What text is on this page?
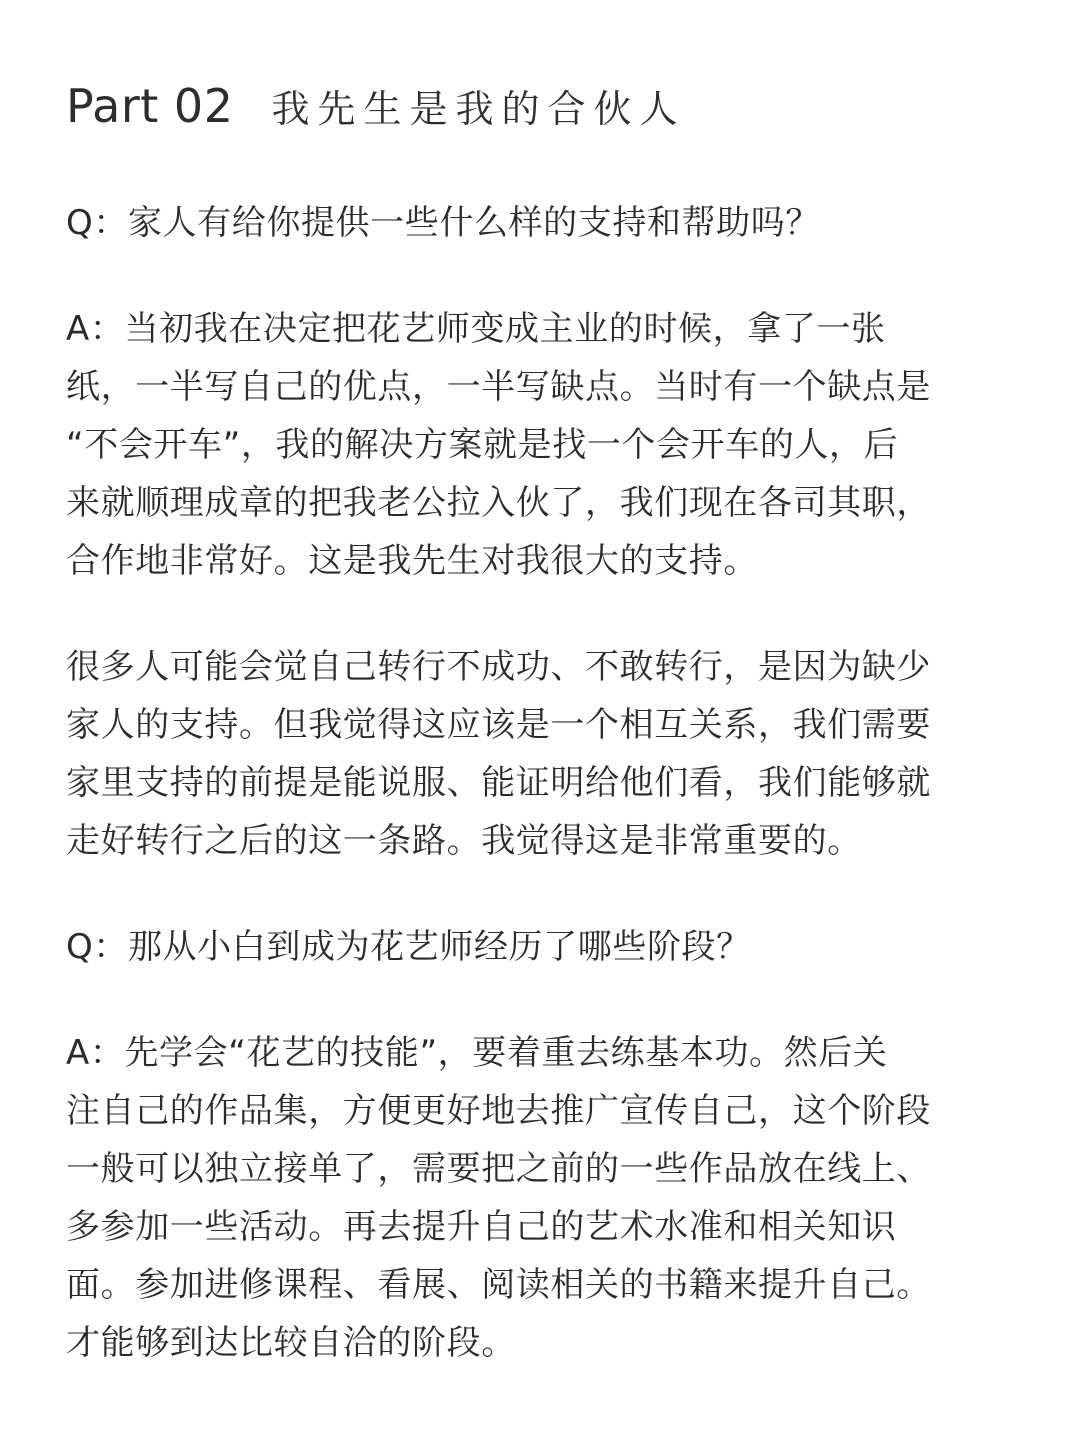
Part 02 我先生是我的合伙人

Q：家人有给你提供一些什么样的支持和帮助吗？

A：当初我在决定把花艺师变成主业的时候，拿了一张
纸，一半写自己的优点，一半写缺点。当时有一个缺点是
“不会开车”，我的解决方案就是找一个会开车的人，后
来就顺理成章的把我老公拉入伙了，我们现在各司其职，
合作地非常好。这是我先生对我很大的支持。

很多人可能会觉自己转行不成功、不敢转行，是因为缺少
家人的支持。但我觉得这应该是一个相互关系，我们需要
家里支持的前提是能说服、能证明给他们看，我们能够就
走好转行之后的这一条路。我觉得这是非常重要的。

Q：那从小白到成为花艺师经历了哪些阶段？

A：先学会“花艺的技能”，要着重去练基本功。然后关
注自己的作品集，方便更好地去推广宣传自己，这个阶段
一般可以独立接单了，需要把之前的一些作品放在线上、
多参加一些活动。再去提升自己的艺术水准和相关知识
面。参加进修课程、看展、阅读相关的书籍来提升自己。
才能够到达比较自洽的阶段。
